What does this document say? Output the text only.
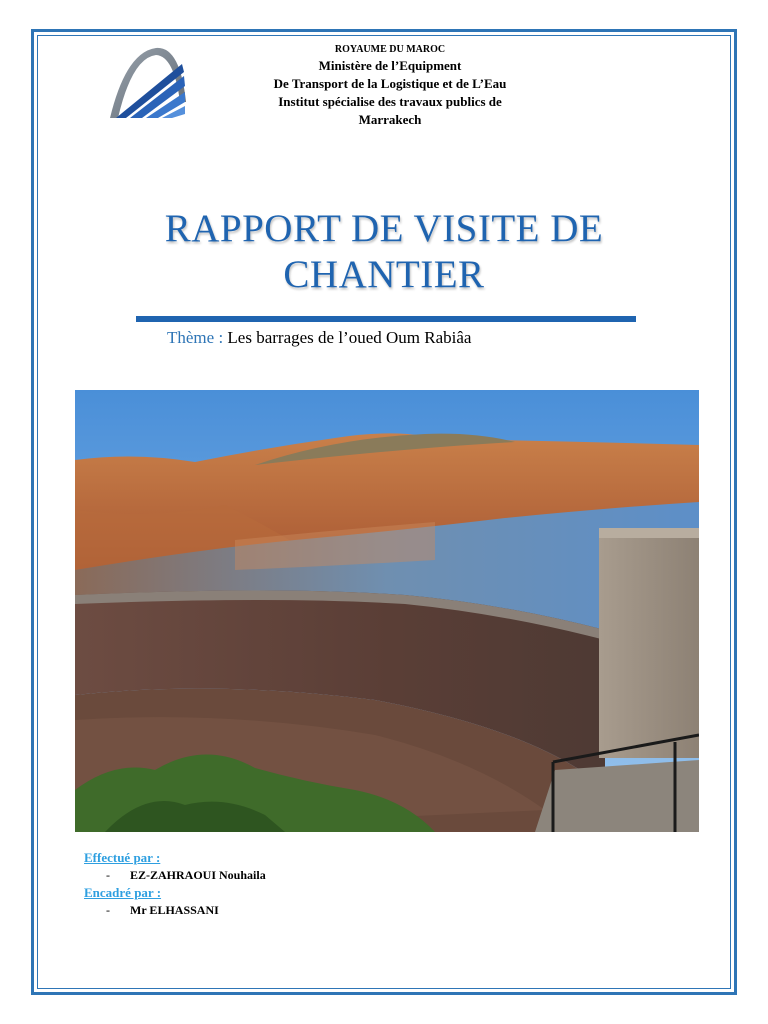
ROYAUME DU MAROC
Ministère de l’Equipment
De Transport de la Logistique et de L’Eau
Institut spécialise des travaux publics de
Marrakech
RAPPORT DE VISITE DE
CHANTIER
Thème : Les barrages de l’oued Oum Rabiâa
Effectué par :
- EZ-ZAHRAOUI Nouhaila
Encadré par :
- Mr ELHASSANI
